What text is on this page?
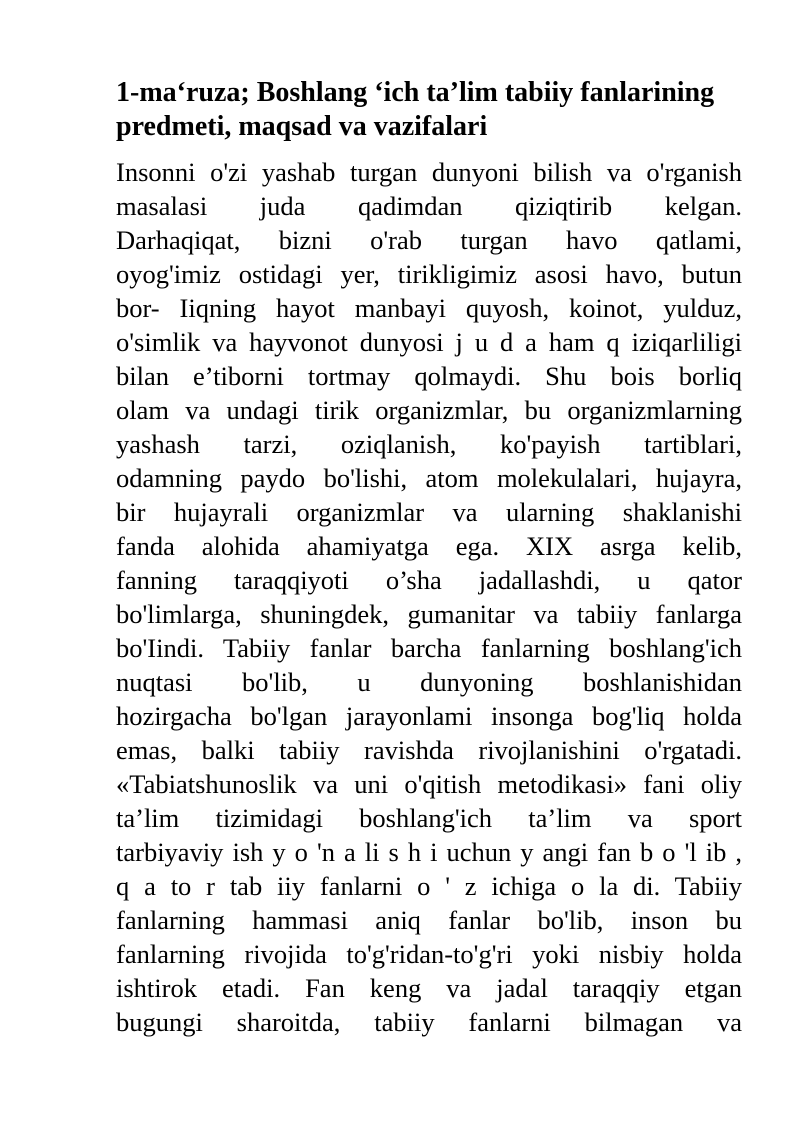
1-ma‘ruza; Boshlang ‘ich ta’lim tabiiy fanlarining
predmeti, maqsad va vazifalari
Insonni o'zi yashab turgan dunyoni bilish va o'rganish
masalasi juda qadimdan qiziqtirib kelgan.
Darhaqiqat, bizni o'rab turgan havo qatlami,
oyog'imiz ostidagi yer, tirikligimiz asosi havo, butun
bor- Iiqning hayot manbayi quyosh, koinot, yulduz,
o'simlik va hayvonot dunyosi j u d a ham q iziqarliligi
bilan e’tiborni tortmay qolmaydi. Shu bois borliq
olam va undagi tirik organizmlar, bu organizmlarning
yashash tarzi, oziqlanish, ko'payish tartiblari,
odamning paydo bo'lishi, atom molekulalari, hujayra,
bir hujayrali organizmlar va ularning shaklanishi
fanda alohida ahamiyatga ega. XIX asrga kelib,
fanning taraqqiyoti o’sha jadallashdi, u qator
bo'limlarga, shuningdek, gumanitar va tabiiy fanlarga
bo'Iindi. Tabiiy fanlar barcha fanlarning boshlang'ich
nuqtasi bo'lib, u dunyoning boshlanishidan
hozirgacha bo'lgan jarayonlami insonga bog'liq holda
emas, balki tabiiy ravishda rivojlanishini o'rgatadi.
«Tabiatshunoslik va uni o'qitish metodikasi» fani oliy
ta’lim tizimidagi boshlang'ich ta’lim va sport
tarbiyaviy ish y o 'n a li s h i uchun y angi fan b o 'l ib ,
q a to r tab iiy fanlarni o ' z ichiga o la di. Tabiiy
fanlarning hammasi aniq fanlar bo'lib, inson bu
fanlarning rivojida to'g'ridan-to'g'ri yoki nisbiy holda
ishtirok etadi. Fan keng va jadal taraqqiy etgan
bugungi sharoitda, tabiiy fanlarni bilmagan va
